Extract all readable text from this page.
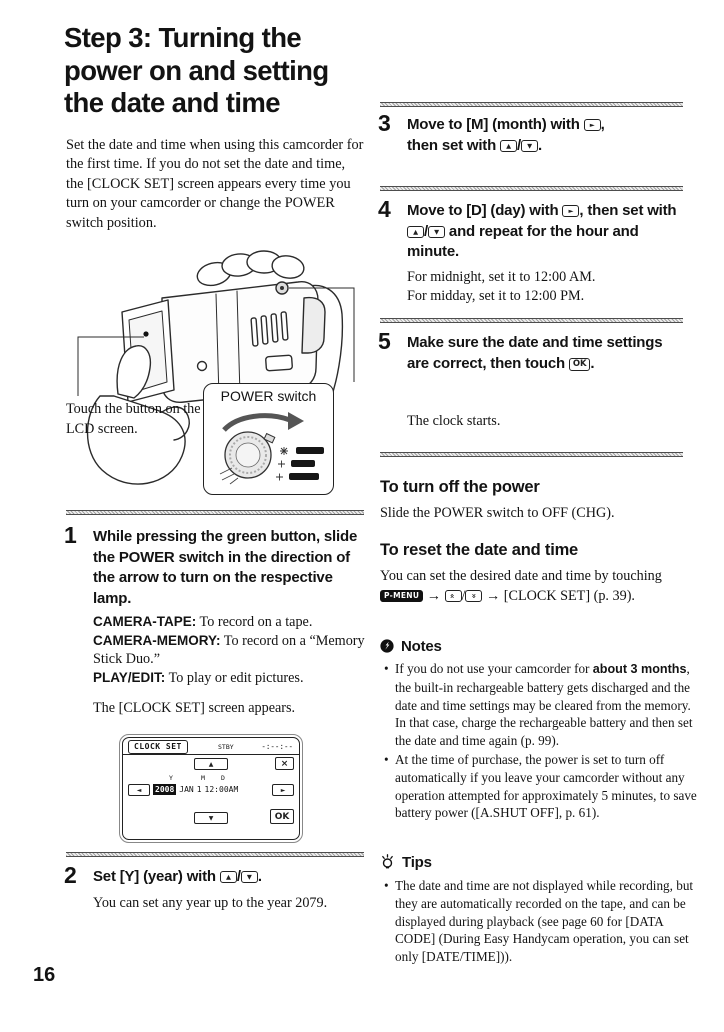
Step 3: Turning the
power on and setting
the date and time
Set the date and time when using this camcorder for the first time. If you do not set the date and time, the [CLOCK SET] screen appears every time you turn on your camcorder or change the POWER switch position.
Touch the button on the LCD screen.
POWER switch
1 While pressing the green button, slide the POWER switch in the direction of the arrow to turn on the respective lamp.
CAMERA-TAPE: To record on a tape.
CAMERA-MEMORY: To record on a “Memory Stick Duo.”
PLAY/EDIT: To play or edit pictures.
The [CLOCK SET] screen appears.
CLOCK SET	STBY	-:--:--
▲	×
Y	M D
◄	2008 JAN 1 12:00AM	►
▼	OK
2 Set [Y] (year) with ▲ / ▼ .
You can set any year up to the year 2079.
16
3 Move to [M] (month) with ► ,
then set with ▲ / ▼ .
4 Move to [D] (day) with ► , then set with ▲ / ▼ and repeat for the hour and minute.
For midnight, set it to 12:00 AM.
For midday, set it to 12:00 PM.
5 Make sure the date and time settings are correct, then touch OK .
The clock starts.
To turn off the power
Slide the POWER switch to OFF (CHG).
To reset the date and time
You can set the desired date and time by touching P-MENU → » / » → [CLOCK SET] (p. 39).
Notes
• If you do not use your camcorder for about 3 months, the built-in rechargeable battery gets discharged and the date and time settings may be cleared from the memory. In that case, charge the rechargeable battery and then set the date and time again (p. 99).
• At the time of purchase, the power is set to turn off automatically if you leave your camcorder without any operation attempted for approximately 5 minutes, to save battery power ([A.SHUT OFF], p. 61).
Tips
• The date and time are not displayed while recording, but they are automatically recorded on the tape, and can be displayed during playback (see page 60 for [DATA CODE] (During Easy Handycam operation, you can set only [DATE/TIME])).
